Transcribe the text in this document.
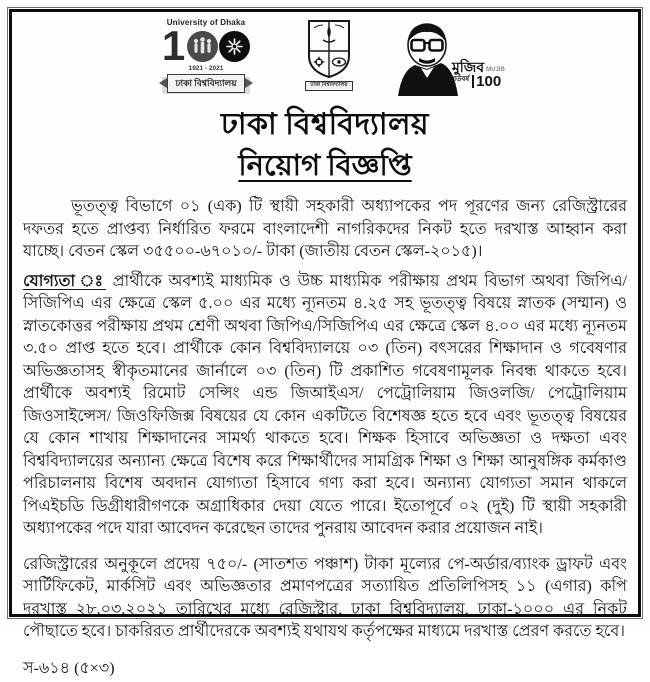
University of Dhaka
1 1921 - 2021
ঢাকা বিশ্ববিদ্যালয়	ঢাকা বিশ্ববিদ্যালয়
মুজিব MUJIB
শতবর্ষ 100
ঢাকা বিশ্ববিদ্যালয়
নিয়োগ বিজ্ঞপ্তি

ভূতত্ত্ব বিভাগে ০১ (এক) টি স্থায়ী সহকারী অধ্যাপকের পদ পূরণের জন্য রেজিস্ট্রারের দফতর হতে প্রাপ্তব্য নির্ধারিত ফরমে বাংলাদেশী নাগরিকদের নিকট হতে দরখাস্ত আহ্বান করা যাচ্ছে। বেতন স্কেল ৩৫৫০০-৬৭০১০/- টাকা (জাতীয় বেতন স্কেল-২০১৫)।

যোগ্যতা ঃ প্রার্থীকে অবশ্যই মাধ্যমিক ও উচ্চ মাধ্যমিক পরীক্ষায় প্রথম বিভাগ অথবা জিপিএ/সিজিপিএ এর ক্ষেত্রে স্কেল ৫.০০ এর মধ্যে ন্যূনতম ৪.২৫ সহ ভূতত্ত্ব বিষয়ে স্নাতক (সম্মান) ও স্নাতকোত্তর পরীক্ষায় প্রথম শ্রেণী অথবা জিপিএ/সিজিপিএ এর ক্ষেত্রে স্কেল ৪.০০ এর মধ্যে ন্যূনতম ৩.৫০ প্রাপ্ত হতে হবে। প্রার্থীকে কোন বিশ্ববিদ্যালয়ে ০৩ (তিন) বৎসরের শিক্ষাদান ও গবেষণার অভিজ্ঞতাসহ স্বীকৃতমানের জার্নালে ০৩ (তিন) টি প্রকাশিত গবেষণামূলক নিবন্ধ থাকতে হবে। প্রার্থীকে অবশ্যই রিমোট সেন্সিং এন্ড জিআইএস/ পেট্রোলিয়াম জিওলজি/ পেট্রোলিয়াম জিওসাইন্সেস/ জিওফিজিক্স বিষয়ের যে কোন একটিতে বিশেষজ্ঞ হতে হবে এবং ভূতত্ত্ব বিষয়ের যে কোন শাখায় শিক্ষাদানের সামর্থ্য থাকতে হবে। শিক্ষক হিসাবে অভিজ্ঞতা ও দক্ষতা এবং বিশ্ববিদ্যালয়ের অন্যান্য ক্ষেত্রে বিশেষ করে শিক্ষার্থীদের সামগ্রিক শিক্ষা ও শিক্ষা আনুষঙ্গিক কর্মকাণ্ড পরিচালনায় বিশেষ অবদান যোগ্যতা হিসাবে গণ্য করা হবে। অন্যান্য যোগ্যতা সমান থাকলে পিএইচডি ডিগ্রীধারীগণকে অগ্রাধিকার দেয়া যেতে পারে। ইতোপূর্বে ০২ (দুই) টি স্থায়ী সহকারী অধ্যাপকের পদে যারা আবেদন করেছেন তাদের পুনরায় আবেদন করার প্রয়োজন নাই।

রেজিস্ট্রারের অনুকূলে প্রদেয় ৭৫০/- (সাতশত পঞ্চাশ) টাকা মূল্যের পে-অর্ডার/ব্যাংক ড্রাফট এবং সার্টিফিকেট, মার্কসিট এবং অভিজ্ঞতার প্রমাণপত্রের সত্যায়িত প্রতিলিপিসহ ১১ (এগার) কপি দরখাস্ত ২৮.০৩.২০২১ তারিখের মধ্যে রেজিস্ট্রার, ঢাকা বিশ্ববিদ্যালয়, ঢাকা-১০০০ এর নিকট পৌছাতে হবে। চাকরিরত প্রার্থীদেরকে অবশ্যই যথাযথ কর্তৃপক্ষের মাধ্যমে দরখাস্ত প্রেরণ করতে হবে।

স-৬১৪ (৫×৩)
